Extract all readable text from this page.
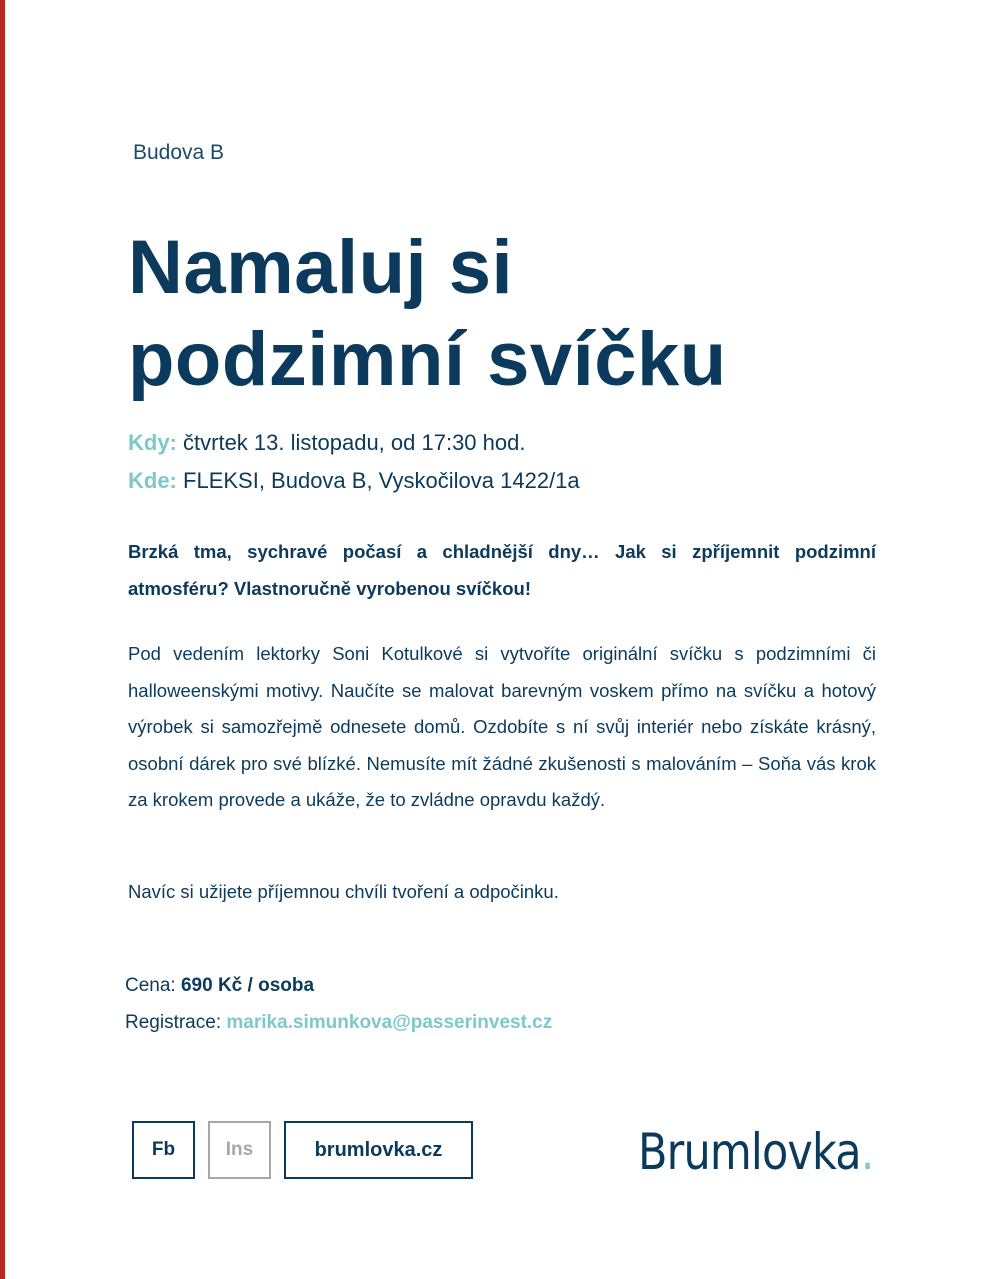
Budova B
Namaluj si
podzimní svíčku
Kdy: čtvrtek 13. listopadu, od 17:30 hod.
Kde: FLEKSI, Budova B, Vyskočilova 1422/1a

Brzká tma, sychravé počasí a chladnější dny… Jak si zpříjemnit podzimní atmosféru? Vlastnoručně vyrobenou svíčkou!

Pod vedením lektorky Soni Kotulkové si vytvoříte originální svíčku s podzimními či halloweenskými motivy. Naučíte se malovat barevným voskem přímo na svíčku a hotový výrobek si samozřejmě odnesete domů. Ozdobíte s ní svůj interiér nebo získáte krásný, osobní dárek pro své blízké. Nemusíte mít žádné zkušenosti s malováním – Soňa vás krok za krokem provede a ukáže, že to zvládne opravdu každý.

Navíc si užijete příjemnou chvíli tvoření a odpočinku.

Cena: 690 Kč / osoba
Registrace: marika.simunkova@passerinvest.cz
Fb	Ins	brumlovka.cz	Brumlovka.
